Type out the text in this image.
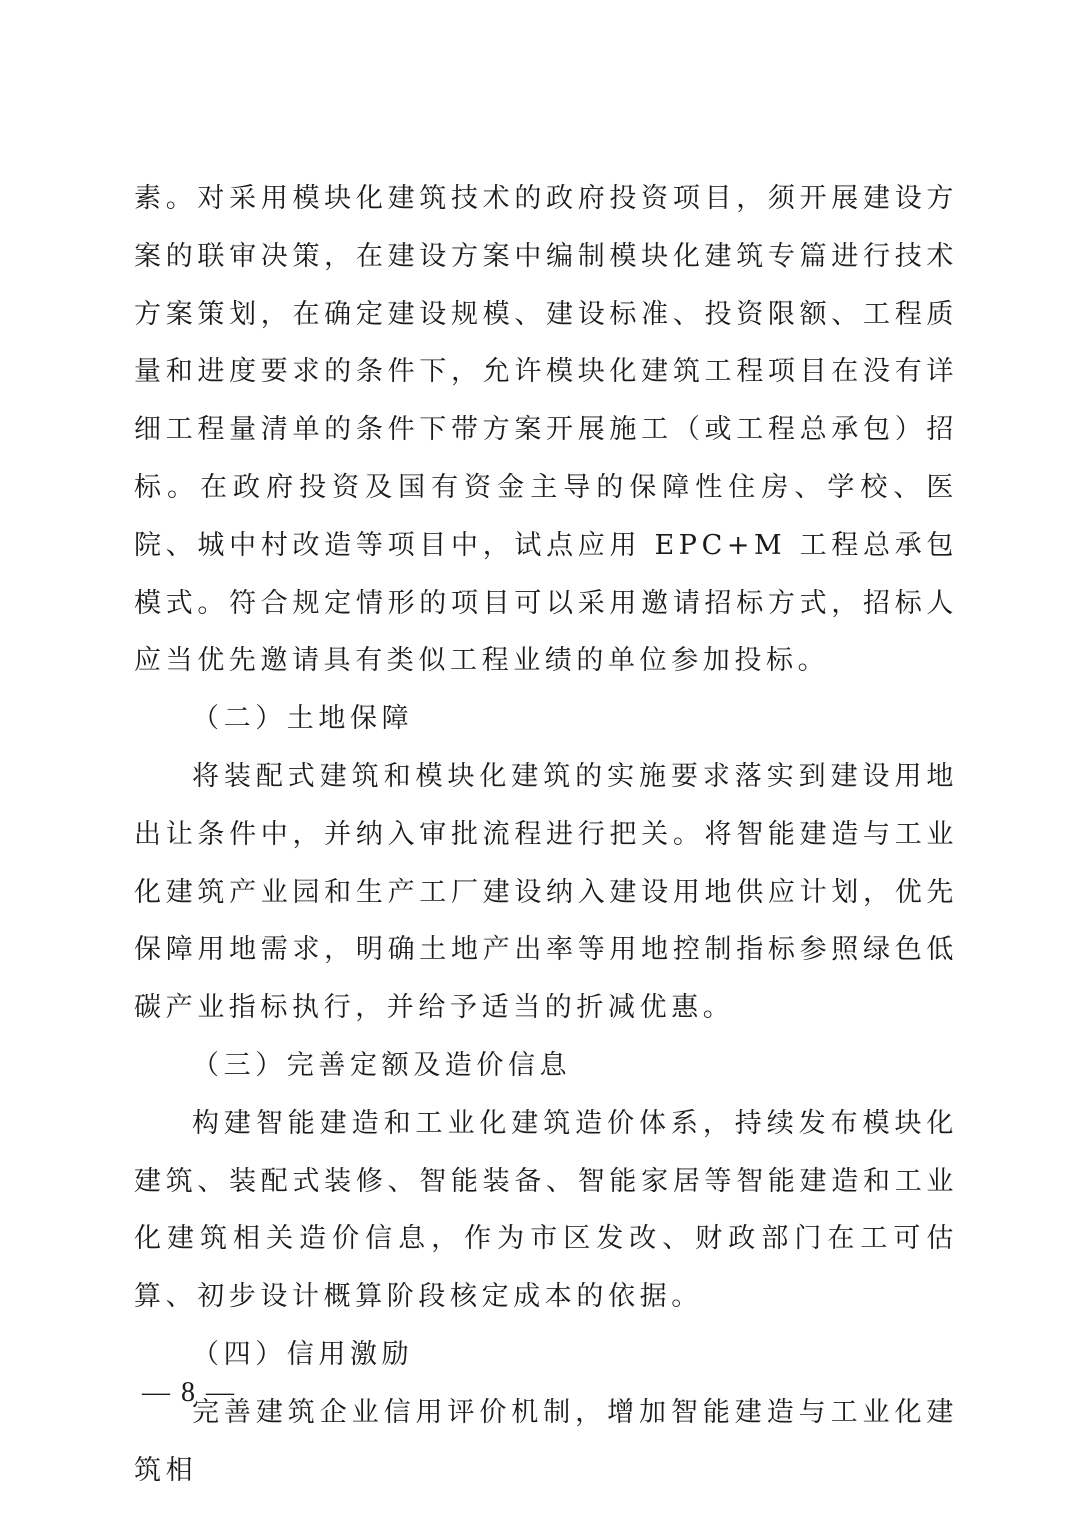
素。对采用模块化建筑技术的政府投资项目，须开展建设方案的联审决策，在建设方案中编制模块化建筑专篇进行技术方案策划，在确定建设规模、建设标准、投资限额、工程质量和进度要求的条件下，允许模块化建筑工程项目在没有详细工程量清单的条件下带方案开展施工（或工程总承包）招标。在政府投资及国有资金主导的保障性住房、学校、医院、城中村改造等项目中，试点应用 EPC+M 工程总承包模式。符合规定情形的项目可以采用邀请招标方式，招标人应当优先邀请具有类似工程业绩的单位参加投标。

（二）土地保障

将装配式建筑和模块化建筑的实施要求落实到建设用地出让条件中，并纳入审批流程进行把关。将智能建造与工业化建筑产业园和生产工厂建设纳入建设用地供应计划，优先保障用地需求，明确土地产出率等用地控制指标参照绿色低碳产业指标执行，并给予适当的折减优惠。

（三）完善定额及造价信息

构建智能建造和工业化建筑造价体系，持续发布模块化建筑、装配式装修、智能装备、智能家居等智能建造和工业化建筑相关造价信息，作为市区发改、财政部门在工可估算、初步设计概算阶段核定成本的依据。

（四）信用激励

完善建筑企业信用评价机制，增加智能建造与工业化建筑相

— 8 —
